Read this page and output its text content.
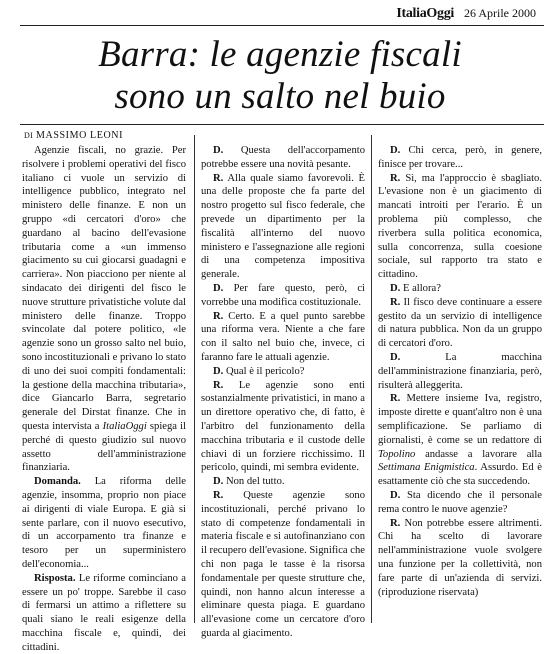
ItaliaOggi 26 Aprile 2000
Barra: le agenzie fiscali
sono un salto nel buio
DI MASSIMO LEONI

Agenzie fiscali, no grazie. Per risolvere i problemi operativi del fisco italiano ci vuole un servizio di intelligence pubblico, integrato nel ministero delle finanze. E non un gruppo «di cercatori d'oro» che guardano al bacino dell'evasione tributaria come a «un immenso giacimento su cui giocarsi guadagni e carriera». Non piacciono per niente al sindacato dei dirigenti del fisco le nuove strutture privatistiche volute dal ministero delle finanze. Troppo svincolate dal potere politico, «le agenzie sono un grosso salto nel buio, sono incostituzionali e privano lo stato di uno dei suoi compiti fondamentali: la gestione della macchina tributaria», dice Giancarlo Barra, segretario generale del Dirstat finanze. Che in questa intervista a ItaliaOggi spiega il perché di questo giudizio sul nuovo assetto dell'amministrazione finanziaria.

Domanda. La riforma delle agenzie, insomma, proprio non piace ai dirigenti di viale Europa. E già si sente parlare, con il nuovo esecutivo, di un accorpamento tra finanze e tesoro per un superministero dell'economia...

Risposta. Le riforme cominciano a essere un po' troppe. Sarebbe il caso di fermarsi un attimo a riflettere su quali siano le reali esigenze della macchina fiscale e, quindi, dei cittadini.

D. Questa dell'accorpamento potrebbe essere una novità pesante.

R. Alla quale siamo favorevoli. È una delle proposte che fa parte del nostro progetto sul fisco federale, che prevede un dipartimento per la fiscalità all'interno del nuovo ministero e l'assegnazione alle regioni di una competenza impositiva generale.

D. Per fare questo, però, ci vorrebbe una modifica costituzionale.

R. Certo. E a quel punto sarebbe una riforma vera. Niente a che fare con il salto nel buio che, invece, ci faranno fare le attuali agenzie.

D. Qual è il pericolo?

R. Le agenzie sono enti sostanzialmente privatistici, in mano a un direttore operativo che, di fatto, è l'arbitro del funzionamento della macchina tributaria e il custode delle chiavi di un forziere ricchissimo. Il pericolo, quindi, mi sembra evidente.

D. Non del tutto.

R. Queste agenzie sono incostituzionali, perché privano lo stato di competenze fondamentali in materia fiscale e si autofinanziano con il recupero dell'evasione. Significa che chi non paga le tasse è la risorsa fondamentale per queste strutture che, quindi, non hanno alcun interesse a eliminare questa piaga. E guardano all'evasione come un cercatore d'oro guarda al giacimento.

D. Chi cerca, però, in genere, finisce per trovare...

R. Sì, ma l'approccio è sbagliato. L'evasione non è un giacimento di mancati introiti per l'erario. È un problema più complesso, che riverbera sulla politica economica, sulla concorrenza, sulla coesione sociale, sul rapporto tra stato e cittadino.

D. E allora?

R. Il fisco deve continuare a essere gestito da un servizio di intelligence di natura pubblica. Non da un gruppo di cercatori d'oro.

D. La macchina dell'amministrazione finanziaria, però, risulterà alleggerita.

R. Mettere insieme Iva, registro, imposte dirette e quant'altro non è una semplificazione. Se parliamo di giornalisti, è come se un redattore di Topolino andasse a lavorare alla Settimana Enigmistica. Assurdo. Ed è esattamente ciò che sta succedendo.

D. Sta dicendo che il personale rema contro le nuove agenzie?

R. Non potrebbe essere altrimenti. Chi ha scelto di lavorare nell'amministrazione vuole svolgere una funzione per la collettività, non fare parte di un'azienda di servizi. (riproduzione riservata)
